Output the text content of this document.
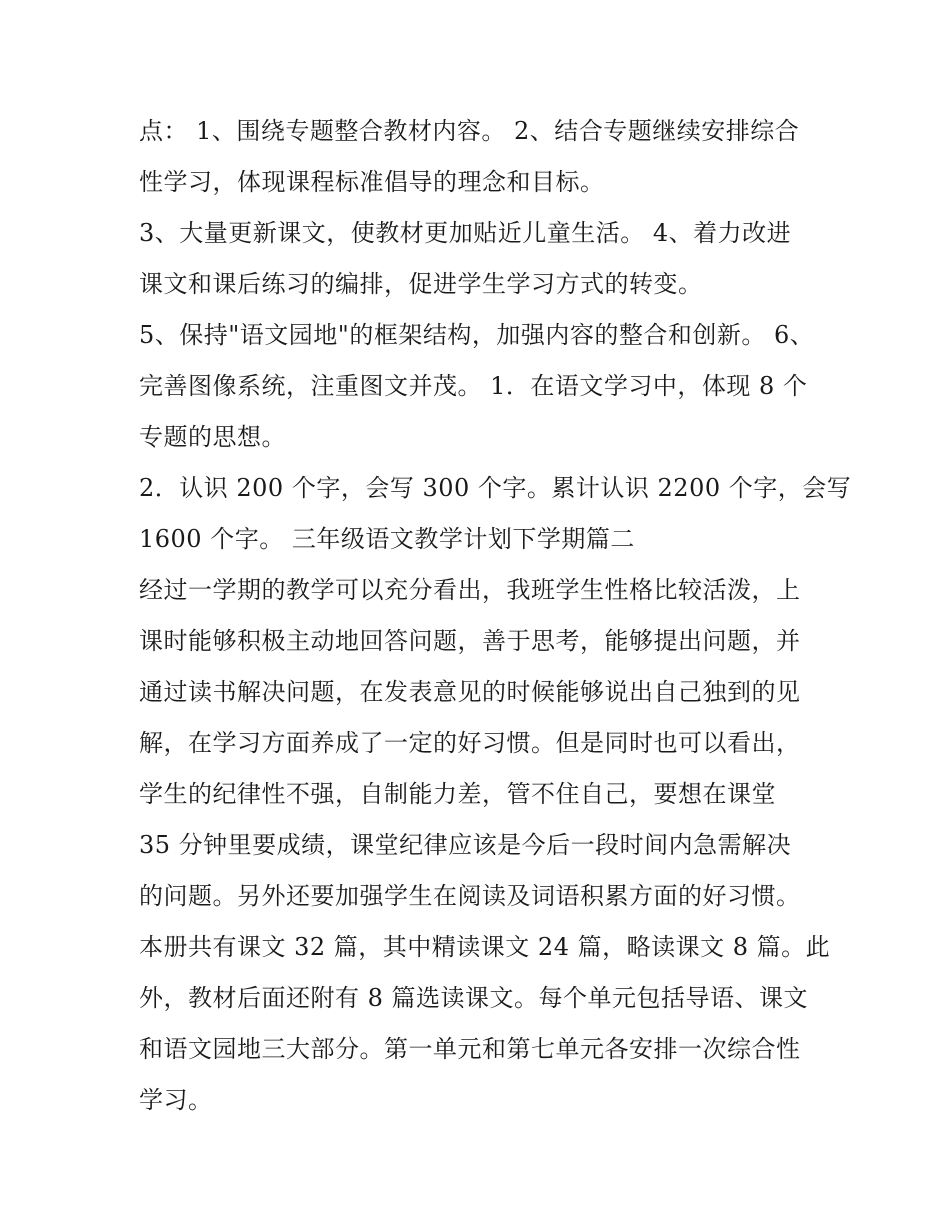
点： 1、围绕专题整合教材内容。 2、结合专题继续安排综合
性学习，体现课程标准倡导的理念和目标。
3、大量更新课文，使教材更加贴近儿童生活。 4、着力改进
课文和课后练习的编排，促进学生学习方式的转变。
5、保持"语文园地"的框架结构，加强内容的整合和创新。 6、
完善图像系统，注重图文并茂。 1．在语文学习中，体现 8 个
专题的思想。
2．认识 200 个字，会写 300 个字。累计认识 2200 个字，会写
1600 个字。 三年级语文教学计划下学期篇二
经过一学期的教学可以充分看出，我班学生性格比较活泼，上
课时能够积极主动地回答问题，善于思考，能够提出问题，并
通过读书解决问题，在发表意见的时候能够说出自己独到的见
解，在学习方面养成了一定的好习惯。但是同时也可以看出，
学生的纪律性不强，自制能力差，管不住自己，要想在课堂
35 分钟里要成绩，课堂纪律应该是今后一段时间内急需解决
的问题。另外还要加强学生在阅读及词语积累方面的好习惯。
本册共有课文 32 篇，其中精读课文 24 篇，略读课文 8 篇。此
外，教材后面还附有 8 篇选读课文。每个单元包括导语、课文
和语文园地三大部分。第一单元和第七单元各安排一次综合性
学习。
